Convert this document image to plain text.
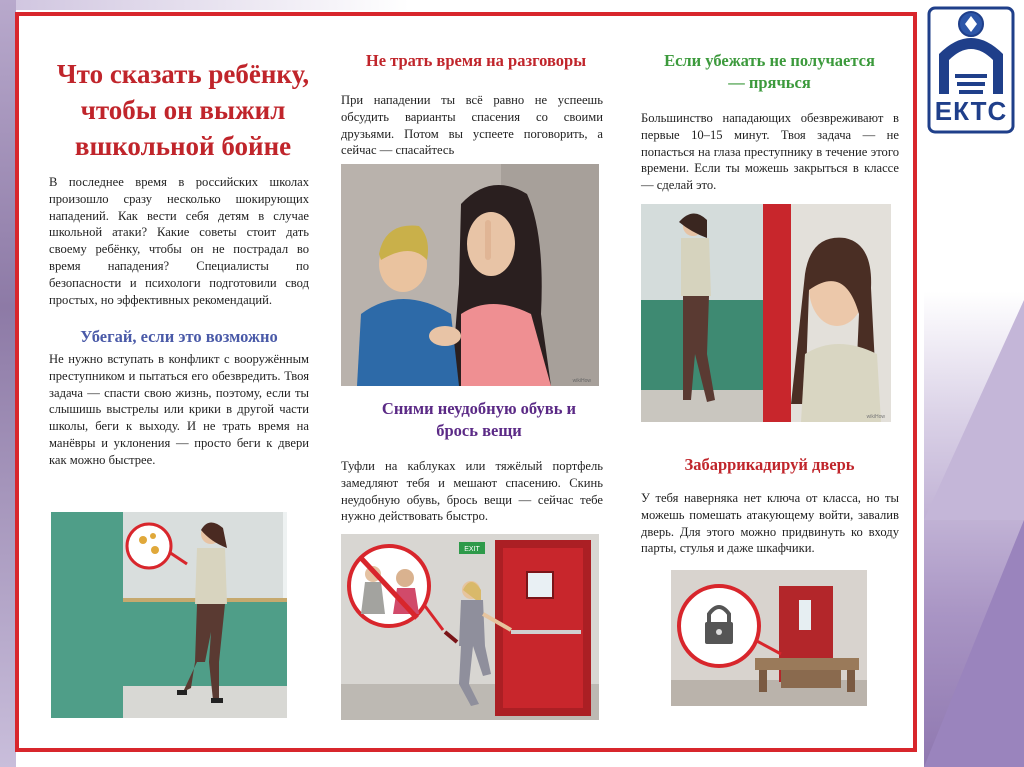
ЕКТС
Что сказать ребёнку, чтобы он выжил вшкольной бойне
В последнее время в российских школах произошло сразу несколько шокирующих нападений. Как вести себя детям в случае школьной атаки? Какие советы стоит дать своему ребёнку, чтобы он не пострадал во время нападения? Специалисты по безопасности и психологи подготовили свод простых, но эффективных рекомендаций.
Убегай, если это возможно
Не нужно вступать в конфликт с вооружённым преступником и пытаться его обезвредить. Твоя задача — спасти свою жизнь, поэтому, если ты слышишь выстрелы или крики в другой части школы, беги к выходу. И не трать время на манёвры и уклонения — просто беги к двери как можно быстрее.
Не трать время на разговоры
При нападении ты всё равно не успеешь обсудить варианты спасения со своими друзьями. Потом вы успеете поговорить, а сейчас — спасайтесь
wikiHow
Сними неудобную обувь и брось вещи
Туфли на каблуках или тяжёлый портфель замедляют тебя и мешают спасению. Скинь неудобную обувь, брось вещи — сейчас тебе нужно действовать быстро.
EXIT
Если убежать не получается
— прячься
Большинство нападающих обезвреживают в первые 10–15 минут. Твоя задача — не попасться на глаза преступнику в течение этого времени. Если ты можешь закрыться в классе — сделай это.
wikiHow
Забаррикадируй дверь
У тебя наверняка нет ключа от класса, но ты можешь помешать атакующему войти, завалив дверь. Для этого можно придвинуть ко входу парты, стулья и даже шкафчики.
